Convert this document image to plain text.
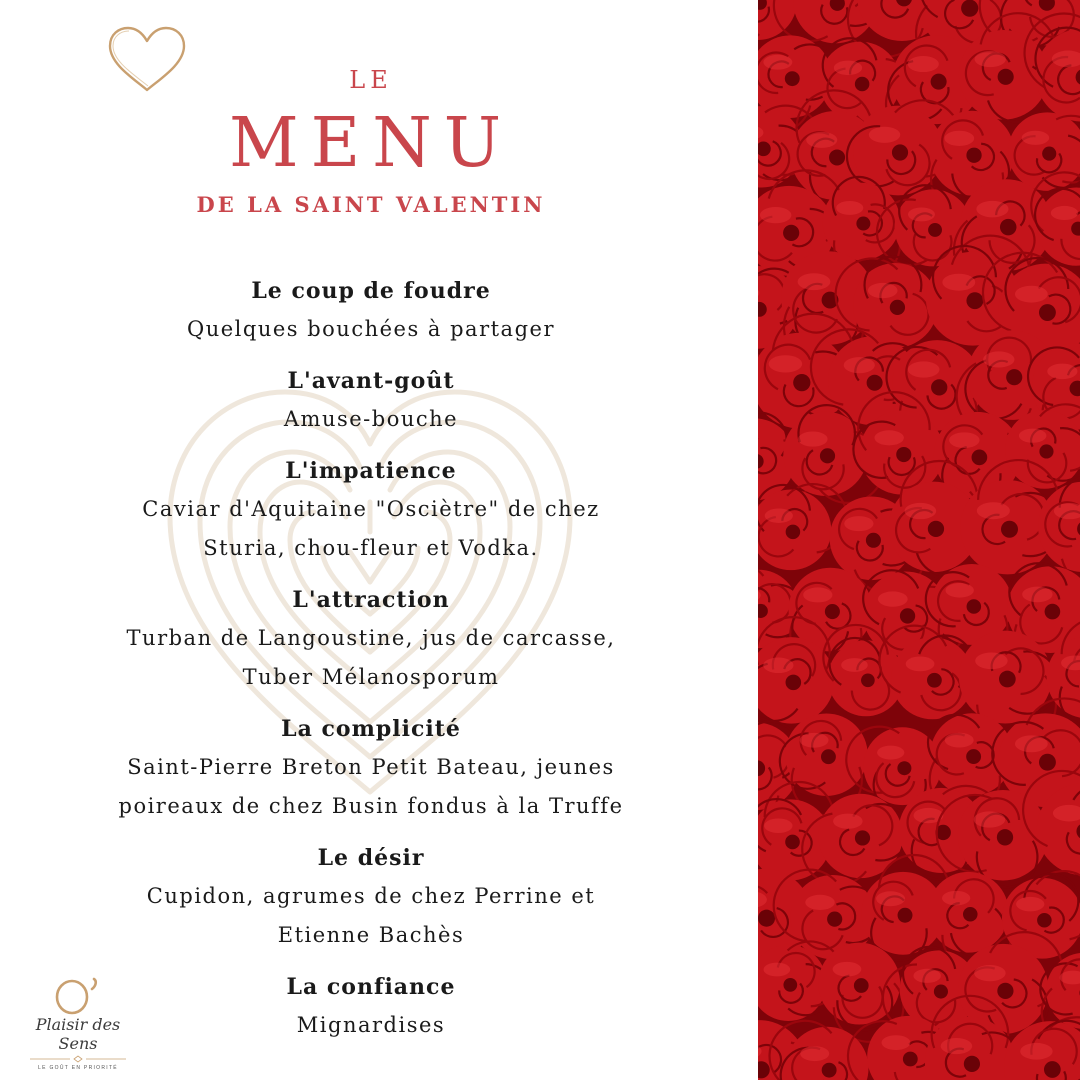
LE
MENU
DE LA SAINT VALENTIN
Le coup de foudre
Quelques bouchées à partager
L'avant-goût
Amuse-bouche
L'impatience
Caviar d'Aquitaine "Osciètre" de chez
Sturia, chou-fleur et Vodka.
L'attraction
Turban de Langoustine, jus de carcasse,
Tuber Mélanosporum
La complicité
Saint-Pierre Breton Petit Bateau, jeunes
poireaux de chez Busin fondus à la Truffe
Le désir
Cupidon, agrumes de chez Perrine et
Etienne Bachès
La confiance
Mignardises
Plaisir des Sens
LE GOÛT EN PRIORITÉ
